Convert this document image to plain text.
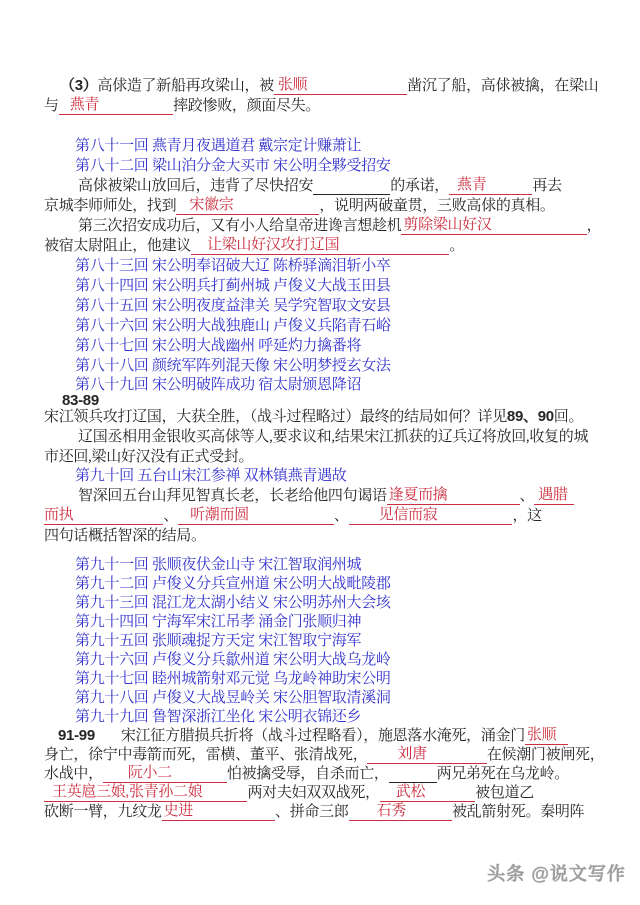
（3）高俅造了新船再攻梁山，被 张顺	凿沉了船，高俅被擒，在梁山
与 燕青	摔跤惨败，颜面尽失。
第八十一回 燕青月夜遇道君 戴宗定计赚萧让
第八十二回 梁山泊分金大买市 宋公明全夥受招安
高俅被梁山放回后，违背了尽快招安	的承诺， 燕青	再去
京城李师师处，找到 宋徽宗	，说明两破童贯，三败高俅的真相。
第三次招安成功后，又有小人给皇帝进谗言想趁机 剪除梁山好汉	，
被宿太尉阻止，他建议 让梁山好汉攻打辽国	。
第八十三回 宋公明奉诏破大辽 陈桥驿滴泪斩小卒
第八十四回 宋公明兵打蓟州城 卢俊义大战玉田县
第八十五回 宋公明夜度益津关 吴学究智取文安县
第八十六回 宋公明大战独鹿山 卢俊义兵陷青石峪
第八十七回 宋公明大战幽州 呼延灼力擒番将
第八十八回 颜统军阵列混天像 宋公明梦授玄女法
第八十九回 宋公明破阵成功 宿太尉颁恩降诏
83-89
宋江领兵攻打辽国，大获全胜，（战斗过程略过）最终的结局如何？详见89、90回。
辽国丞相用金银收买高俅等人,要求议和,结果宋江抓获的辽兵辽将放回,收复的城
市还回,梁山好汉没有正式受封。
第九十回 五台山宋江参禅 双林镇燕青遇故
智深回五台山拜见智真长老，长老给他四句谒语 逢夏而擒	、 遇腊
而执	、 听潮而圆	、 见信而寂	，这
四句话概括智深的结局。
第九十一回 张顺夜伏金山寺 宋江智取润州城
第九十二回 卢俊义分兵宣州道 宋公明大战毗陵郡
第九十三回 混江龙太湖小结义 宋公明苏州大会垓
第九十四回 宁海军宋江吊孝 涌金门张顺归神
第九十五回 张顺魂捉方天定 宋江智取宁海军
第九十六回 卢俊义分兵歙州道 宋公明大战乌龙岭
第九十七回 睦州城箭射邓元觉 乌龙岭神助宋公明
第九十八回 卢俊义大战昱岭关 宋公胆智取清溪洞
第九十九回 鲁智深浙江坐化 宋公明衣锦还乡
91-99 宋江征方腊损兵折将（战斗过程略看），施恩落水淹死，涌金门 张顺
身亡，徐宁中毒箭而死，雷横、董平、张清战死， 刘唐	在候潮门被闸死，
水战中， 阮小二	怕被擒受辱，自杀而亡，	两兄弟死在乌龙岭。
王英扈三娘,张青孙二娘	两对夫妇双双战死， 武松	被包道乙
砍断一臂，九纹龙 史进	、拼命三郎 石秀	被乱箭射死。秦明阵
头条 @说文写作
